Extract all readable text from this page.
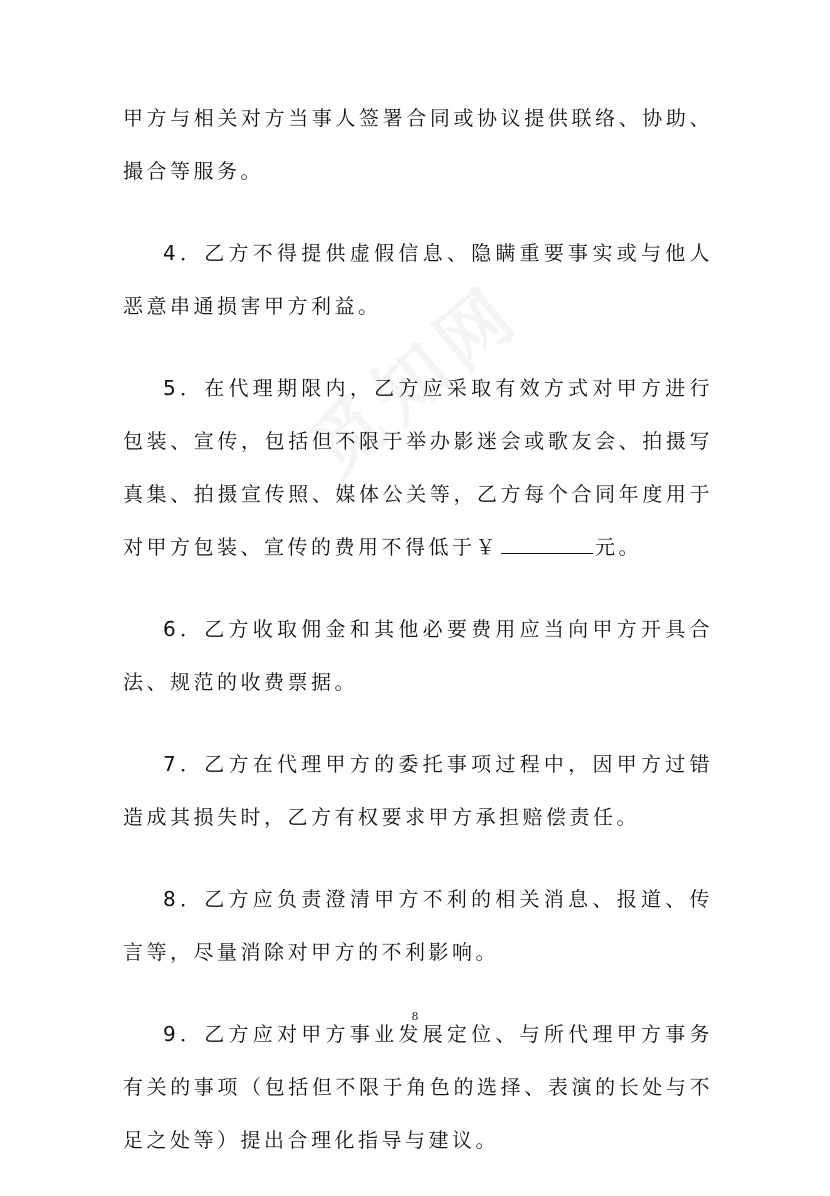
甲方与相关对方当事人签署合同或协议提供联络、协助、撮合等服务。

4．乙方不得提供虚假信息、隐瞒重要事实或与他人恶意串通损害甲方利益。

5．在代理期限内，乙方应采取有效方式对甲方进行包装、宣传，包括但不限于举办影迷会或歌友会、拍摄写真集、拍摄宣传照、媒体公关等，乙方每个合同年度用于对甲方包装、宣传的费用不得低于￥	元。

6．乙方收取佣金和其他必要费用应当向甲方开具合法、规范的收费票据。

7．乙方在代理甲方的委托事项过程中，因甲方过错造成其损失时，乙方有权要求甲方承担赔偿责任。

8．乙方应负责澄清甲方不利的相关消息、报道、传言等，尽量消除对甲方的不利影响。

9．乙方应对甲方事业发展定位、与所代理甲方事务有关的事项（包括但不限于角色的选择、表演的长处与不足之处等）提出合理化指导与建议。

8
